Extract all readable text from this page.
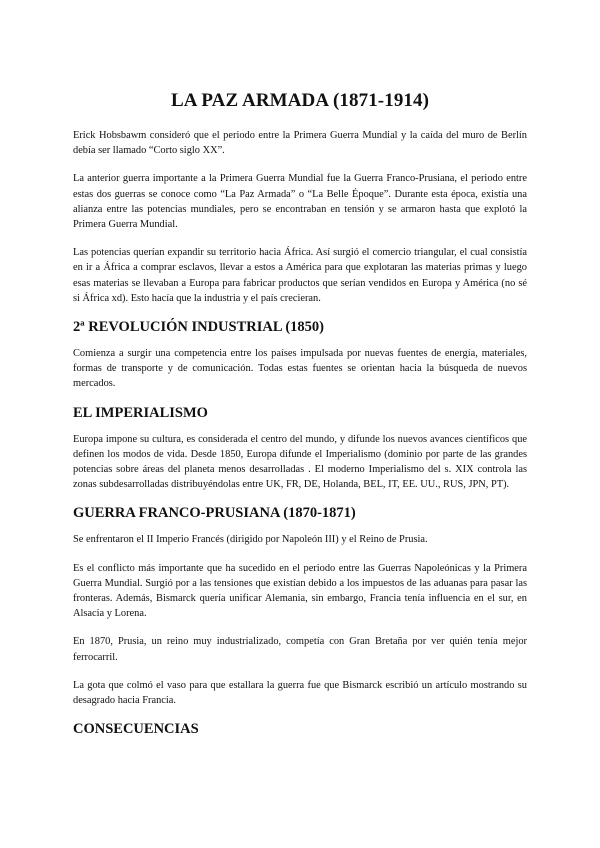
LA PAZ ARMADA (1871-1914)

Erick Hobsbawm consideró que el periodo entre la Primera Guerra Mundial y la caída del muro de Berlín debía ser llamado “Corto siglo XX”.

La anterior guerra importante a la Primera Guerra Mundial fue la Guerra Franco-Prusiana, el periodo entre estas dos guerras se conoce como “La Paz Armada” o “La Belle Époque”. Durante esta época, existía una alianza entre las potencias mundiales, pero se encontraban en tensión y se armaron hasta que explotó la Primera Guerra Mundial.

Las potencias querían expandir su territorio hacia África. Así surgió el comercio triangular, el cual consistía en ir a África a comprar esclavos, llevar a estos a América para que explotaran las materias primas y luego esas materias se llevaban a Europa para fabricar productos que serían vendidos en Europa y América (no sé si África xd). Esto hacía que la industria y el país crecieran.

2ª REVOLUCIÓN INDUSTRIAL (1850)

Comienza a surgir una competencia entre los países impulsada por nuevas fuentes de energía, materiales, formas de transporte y de comunicación. Todas estas fuentes se orientan hacia la búsqueda de nuevos mercados.

EL IMPERIALISMO

Europa impone su cultura, es considerada el centro del mundo, y difunde los nuevos avances científicos que definen los modos de vida. Desde 1850, Europa difunde el Imperialismo (dominio por parte de las grandes potencias sobre áreas del planeta menos desarrolladas . El moderno Imperialismo del s. XIX controla las zonas subdesarrolladas distribuyéndolas entre UK, FR, DE, Holanda, BEL, IT, EE. UU., RUS, JPN, PT).

GUERRA FRANCO-PRUSIANA (1870-1871)

Se enfrentaron el II Imperio Francés (dirigido por Napoleón III) y el Reino de Prusia.

Es el conflicto más importante que ha sucedido en el periodo entre las Guerras Napoleónicas y la Primera Guerra Mundial. Surgió por a las tensiones que existían debido a los impuestos de las aduanas para pasar las fronteras. Además, Bismarck quería unificar Alemania, sin embargo, Francia tenía influencia en el sur, en Alsacia y Lorena.

En 1870, Prusia, un reino muy industrializado, competía con Gran Bretaña por ver quién tenía mejor ferrocarril.

La gota que colmó el vaso para que estallara la guerra fue que Bismarck escribió un artículo mostrando su desagrado hacia Francia.

CONSECUENCIAS
